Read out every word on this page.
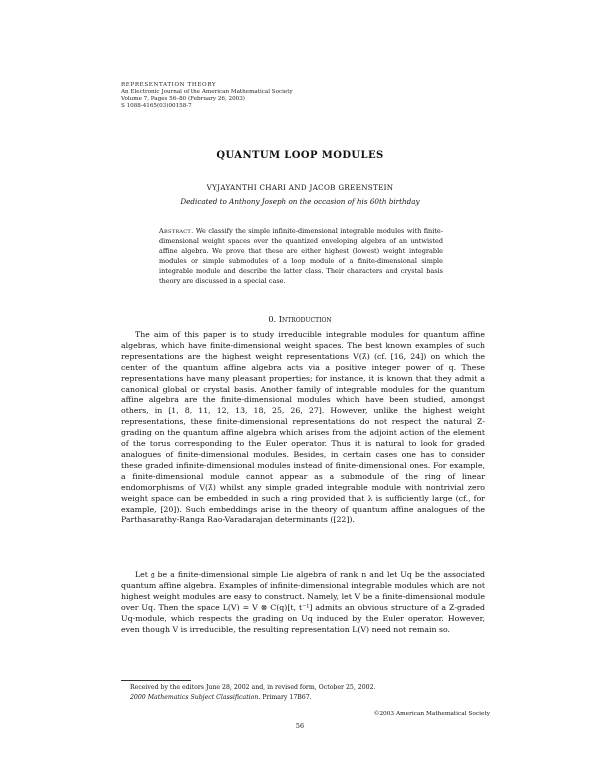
REPRESENTATION THEORY
An Electronic Journal of the American Mathematical Society
Volume 7, Pages 56–80 (February 26, 2003)
S 1088-4165(03)00158-7
QUANTUM LOOP MODULES
VYJAYANTHI CHARI AND JACOB GREENSTEIN
Dedicated to Anthony Joseph on the occasion of his 60th birthday
Abstract. We classify the simple infinite-dimensional integrable modules with finite-dimensional weight spaces over the quantized enveloping algebra of an untwisted affine algebra. We prove that these are either highest (lowest) weight integrable modules or simple submodules of a loop module of a finite-dimensional simple integrable module and describe the latter class. Their characters and crystal basis theory are discussed in a special case.
0. Introduction
The aim of this paper is to study irreducible integrable modules for quantum affine algebras, which have finite-dimensional weight spaces. The best known examples of such representations are the highest weight representations V(λ̂) (cf. [16, 24]) on which the center of the quantum affine algebra acts via a positive integer power of q. These representations have many pleasant properties; for instance, it is known that they admit a canonical global or crystal basis. Another family of integrable modules for the quantum affine algebra are the finite-dimensional modules which have been studied, amongst others, in [1, 8, 11, 12, 13, 18, 25, 26, 27]. However, unlike the highest weight representations, these finite-dimensional representations do not respect the natural Z-grading on the quantum affine algebra which arises from the adjoint action of the element of the torus corresponding to the Euler operator. Thus it is natural to look for graded analogues of finite-dimensional modules. Besides, in certain cases one has to consider these graded infinite-dimensional modules instead of finite-dimensional ones. For example, a finite-dimensional module cannot appear as a submodule of the ring of linear endomorphisms of V(λ̂) whilst any simple graded integrable module with nontrivial zero weight space can be embedded in such a ring provided that λ is sufficiently large (cf., for example, [20]). Such embeddings arise in the theory of quantum affine analogues of the Parthasarathy-Ranga Rao-Varadarajan determinants ([22]).
Let 𝔤 be a finite-dimensional simple Lie algebra of rank n and let Uq be the associated quantum affine algebra. Examples of infinite-dimensional integrable modules which are not highest weight modules are easy to construct. Namely, let V be a finite-dimensional module over Uq. Then the space L(V) = V ⊗ C(q)[t, t⁻¹] admits an obvious structure of a Z-graded Uq-module, which respects the grading on Uq induced by the Euler operator. However, even though V is irreducible, the resulting representation L(V) need not remain so.
Received by the editors June 28, 2002 and, in revised form, October 25, 2002.
2000 Mathematics Subject Classification. Primary 17B67.
©2003 American Mathematical Society
56
